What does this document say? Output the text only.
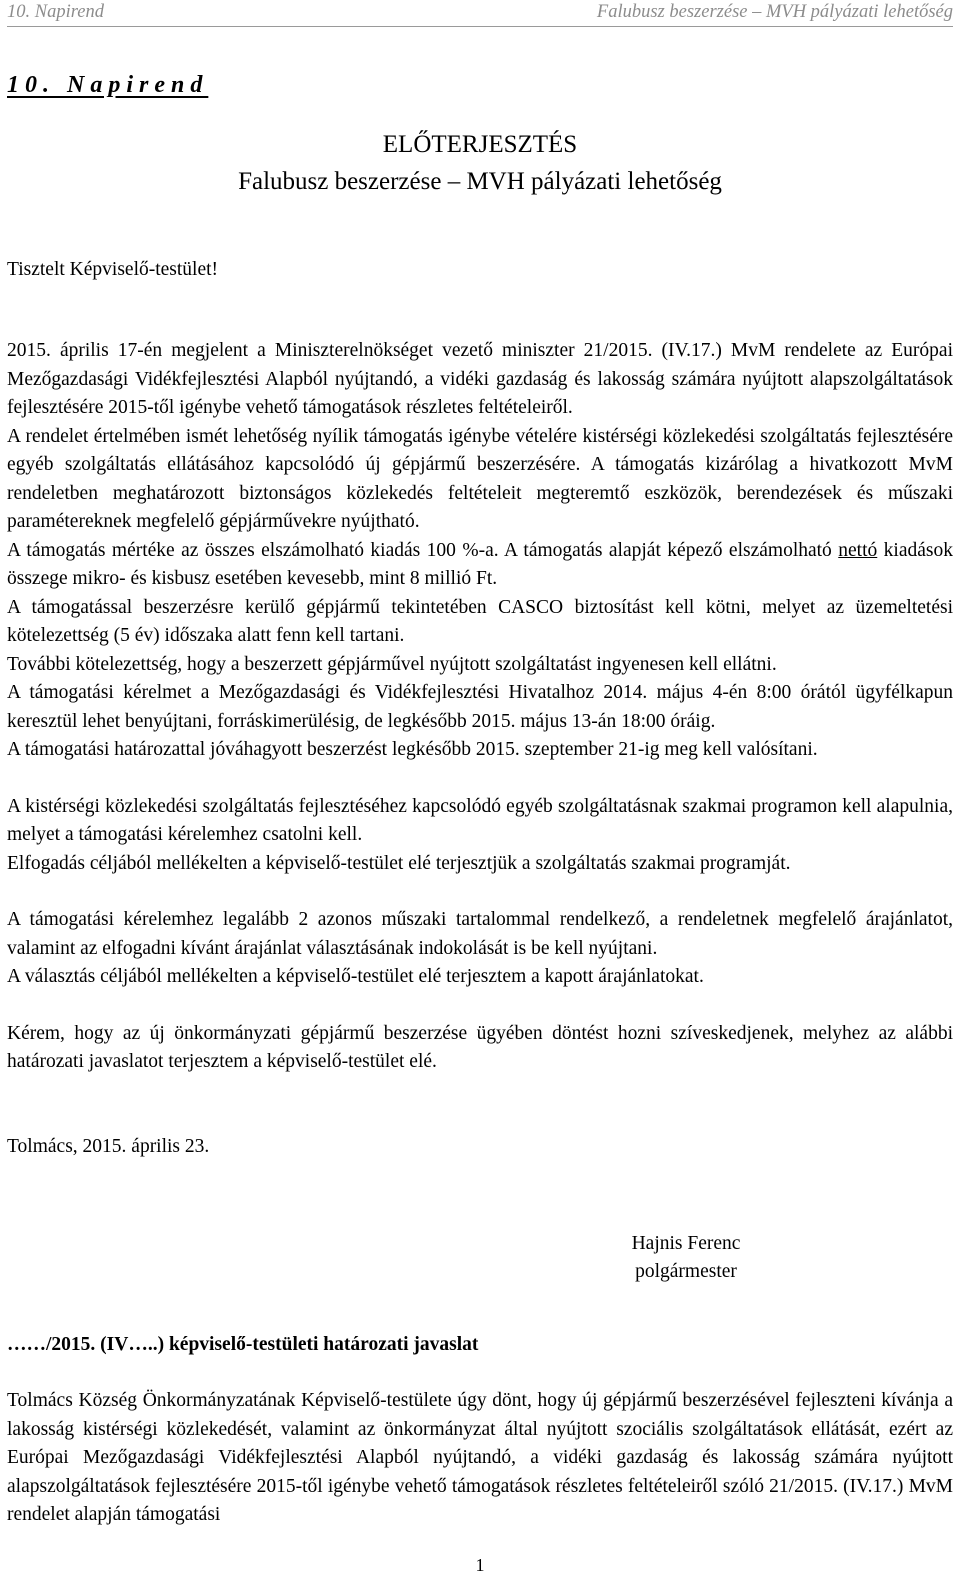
10. Napirend	Falubusz beszerzése – MVH pályázati lehetőség
10. Napirend
ELŐTERJESZTÉS
Falubusz beszerzése – MVH pályázati lehetőség

Tisztelt Képviselő-testület!

2015. április 17-én megjelent a Miniszterelnökséget vezető miniszter 21/2015. (IV.17.) MvM rendelete az Európai Mezőgazdasági Vidékfejlesztési Alapból nyújtandó, a vidéki gazdaság és lakosság számára nyújtott alapszolgáltatások fejlesztésére 2015-től igénybe vehető támogatások részletes feltételeiről.

A rendelet értelmében ismét lehetőség nyílik támogatás igénybe vételére kistérségi közlekedési szolgáltatás fejlesztésére egyéb szolgáltatás ellátásához kapcsolódó új gépjármű beszerzésére. A támogatás kizárólag a hivatkozott MvM rendeletben meghatározott biztonságos közlekedés feltételeit megteremtő eszközök, berendezések és műszaki paramétereknek megfelelő gépjárművekre nyújtható.

A támogatás mértéke az összes elszámolható kiadás 100 %-a. A támogatás alapját képező elszámolható nettó kiadások összege mikro- és kisbusz esetében kevesebb, mint 8 millió Ft.

A támogatással beszerzésre kerülő gépjármű tekintetében CASCO biztosítást kell kötni, melyet az üzemeltetési kötelezettség (5 év) időszaka alatt fenn kell tartani.

További kötelezettség, hogy a beszerzett gépjárművel nyújtott szolgáltatást ingyenesen kell ellátni.

A támogatási kérelmet a Mezőgazdasági és Vidékfejlesztési Hivatalhoz 2014. május 4-én 8:00 órától ügyfélkapun keresztül lehet benyújtani, forráskimerülésig, de legkésőbb 2015. május 13-án 18:00 óráig.

A támogatási határozattal jóváhagyott beszerzést legkésőbb 2015. szeptember 21-ig meg kell valósítani.

A kistérségi közlekedési szolgáltatás fejlesztéséhez kapcsolódó egyéb szolgáltatásnak szakmai programon kell alapulnia, melyet a támogatási kérelemhez csatolni kell.

Elfogadás céljából mellékelten a képviselő-testület elé terjesztjük a szolgáltatás szakmai programját.

A támogatási kérelemhez legalább 2 azonos műszaki tartalommal rendelkező, a rendeletnek megfelelő árajánlatot, valamint az elfogadni kívánt árajánlat választásának indokolását is be kell nyújtani.

A választás céljából mellékelten a képviselő-testület elé terjesztem a kapott árajánlatokat.

Kérem, hogy az új önkormányzati gépjármű beszerzése ügyében döntést hozni szíveskedjenek, melyhez az alábbi határozati javaslatot terjesztem a képviselő-testület elé.

Tolmács, 2015. április 23.

Hajnis Ferenc
polgármester
……/2015. (IV…..) képviselő-testületi határozati javaslat

Tolmács Község Önkormányzatának Képviselő-testülete úgy dönt, hogy új gépjármű beszerzésével fejleszteni kívánja a lakosság kistérségi közlekedését, valamint az önkormányzat által nyújtott szociális szolgáltatások ellátását, ezért az Európai Mezőgazdasági Vidékfejlesztési Alapból nyújtandó, a vidéki gazdaság és lakosság számára nyújtott alapszolgáltatások fejlesztésére 2015-től igénybe vehető támogatások részletes feltételeiről szóló 21/2015. (IV.17.) MvM rendelet alapján támogatási

1
